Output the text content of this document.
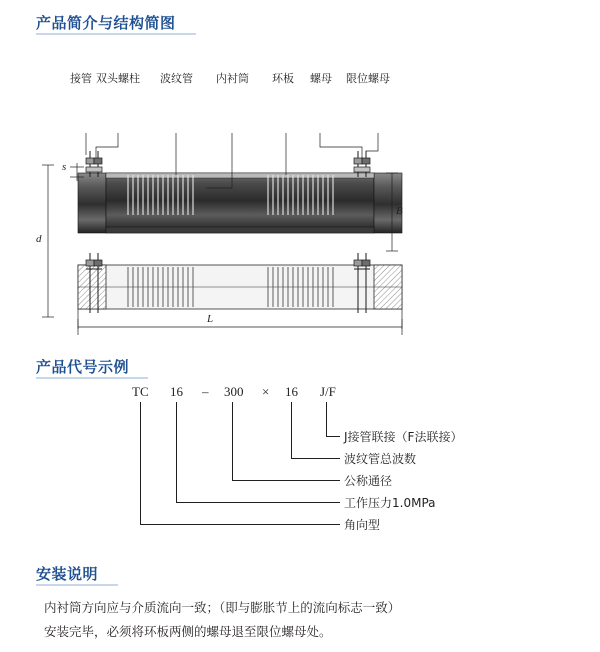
产品简介与结构简图
接管 双头螺柱 波纹管 内衬筒 环板 螺母 限位螺母
s
d
B
L
产品代号示例
TC 16 – 300 × 16 J/F
J接管联接（F法联接）
波纹管总波数
公称通径
工作压力1.0MPa
角向型
安装说明

内衬筒方向应与介质流向一致；（即与膨胀节上的流向标志一致）

安装完毕，必须将环板两侧的螺母退至限位螺母处。
